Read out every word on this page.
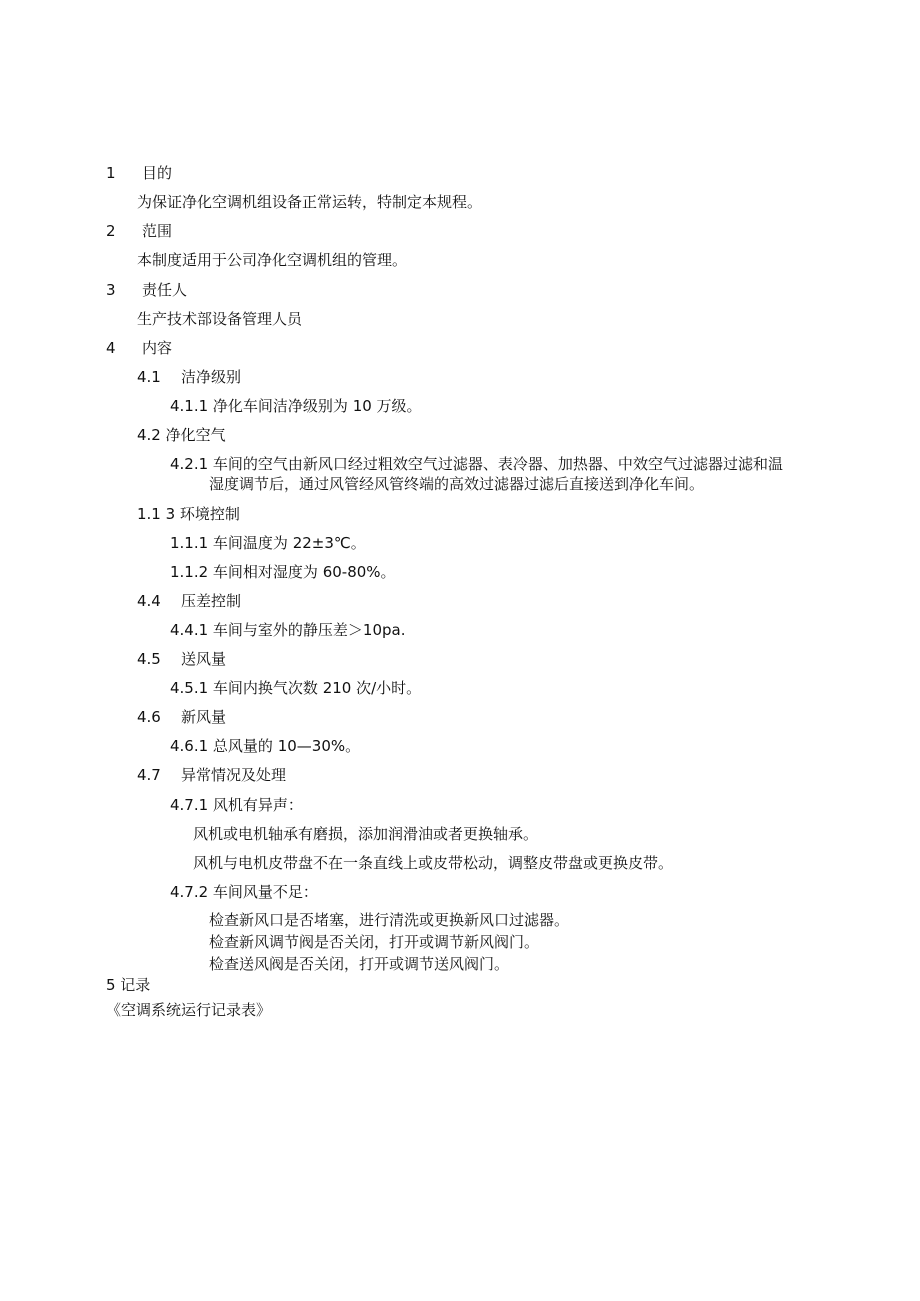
1 目的
为保证净化空调机组设备正常运转，特制定本规程。
2 范围
本制度适用于公司净化空调机组的管理。
3 责任人
生产技术部设备管理人员
4 内容
4.1 洁净级别
4.1.1 净化车间洁净级别为 10 万级。
4.2 净化空气
4.2.1 车间的空气由新风口经过粗效空气过滤器、表冷器、加热器、中效空气过滤器过滤和温
湿度调节后，通过风管经风管终端的高效过滤器过滤后直接送到净化车间。
1.1 3 环境控制
1.1.1 车间温度为 22±3℃。
1.1.2 车间相对湿度为 60-80%。
4.4 压差控制
4.4.1 车间与室外的静压差＞10pa.
4.5 送风量
4.5.1 车间内换气次数 210 次/小时。
4.6 新风量
4.6.1 总风量的 10—30%。
4.7 异常情况及处理
4.7.1 风机有异声：
风机或电机轴承有磨损，添加润滑油或者更换轴承。
风机与电机皮带盘不在一条直线上或皮带松动，调整皮带盘或更换皮带。
4.7.2 车间风量不足：
检查新风口是否堵塞，进行清洗或更换新风口过滤器。
检查新风调节阀是否关闭，打开或调节新风阀门。
检查送风阀是否关闭，打开或调节送风阀门。
5 记录
《空调系统运行记录表》
